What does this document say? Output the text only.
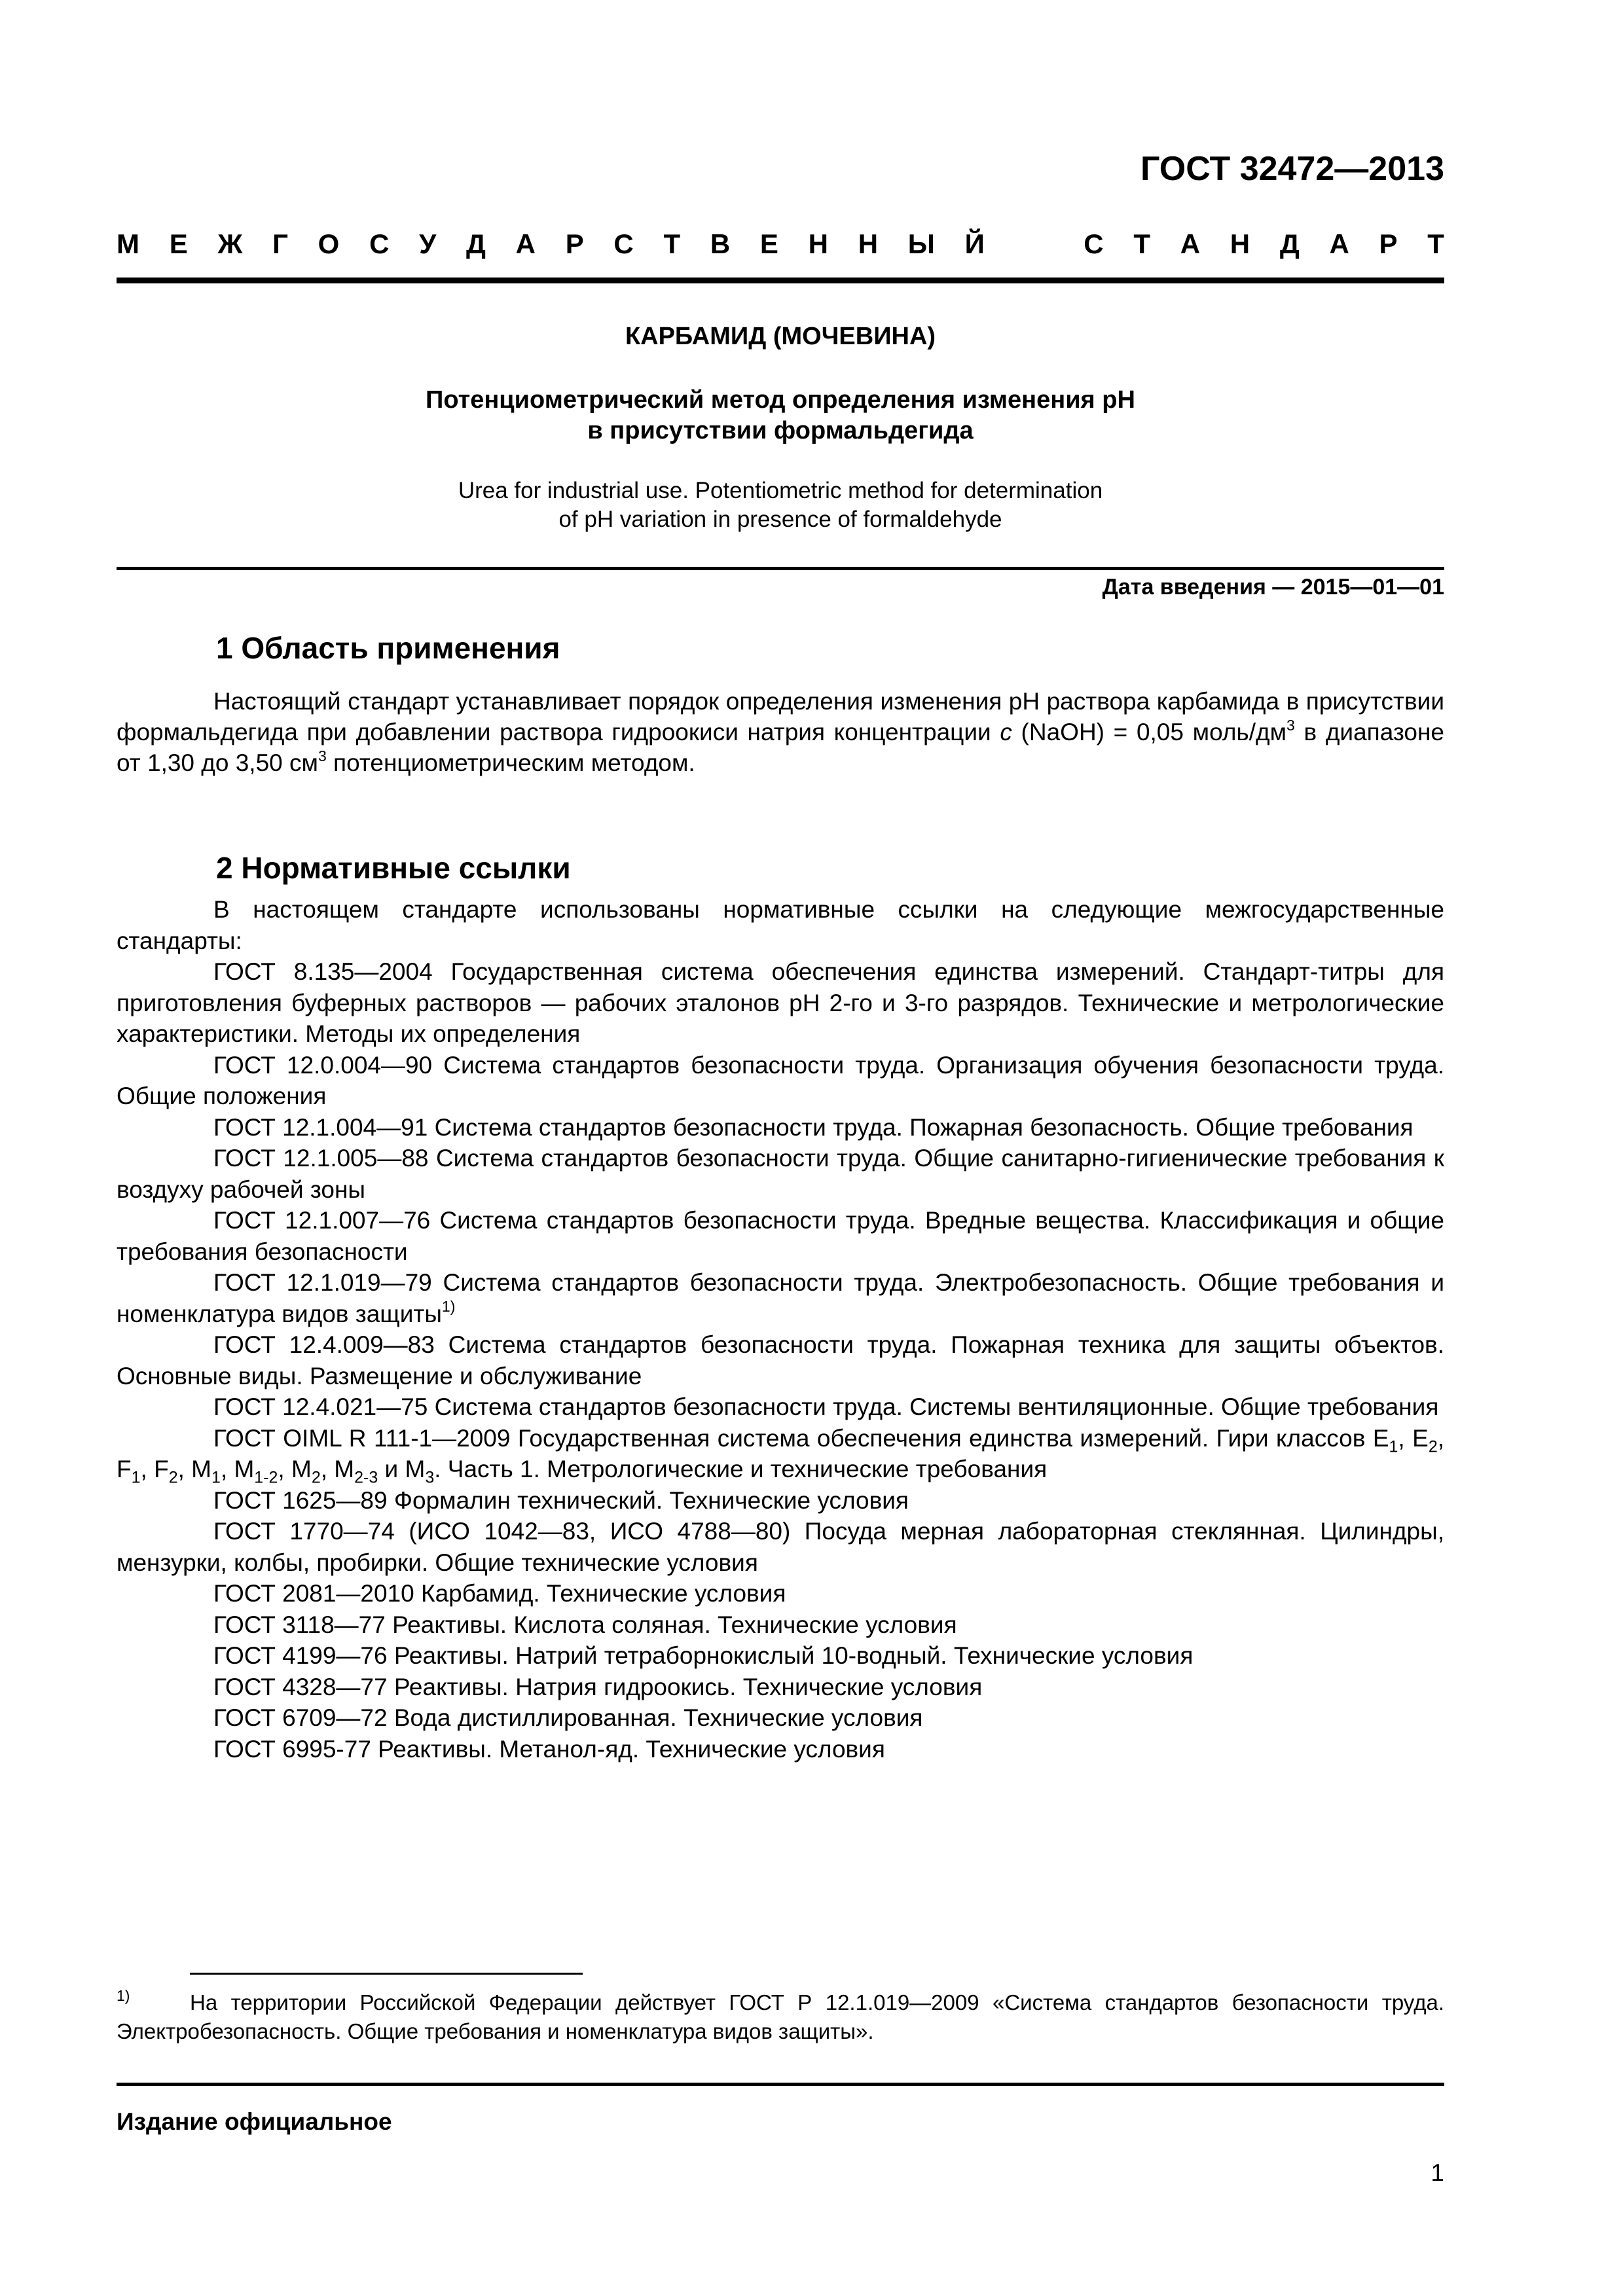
ГОСТ 32472—2013
М Е Ж Г О С У Д А Р С Т В Е Н Н Ы Й	С Т А Н Д А Р Т
КАРБАМИД (МОЧЕВИНА)
Потенциометрический метод определения изменения pH
в присутствии формальдегида
Urea for industrial use. Potentiometric method for determination
of pH variation in presence of formaldehyde
Дата введения — 2015—01—01
1 Область применения
Настоящий стандарт устанавливает порядок определения изменения pH раствора карбамида в присутствии формальдегида при добавлении раствора гидроокиси натрия концентрации c (NaOH) = 0,05 моль/$дм^3$ в диапазоне от 1,30 до 3,50 $см^3$ потенциометрическим методом.
2 Нормативные ссылки
В настоящем стандарте использованы нормативные ссылки на следующие межгосударственные стандарты:
ГОСТ 8.135—2004 Государственная система обеспечения единства измерений. Стандарт-титры для приготовления буферных растворов — рабочих эталонов pH 2-го и 3-го разрядов. Технические и метрологические характеристики. Методы их определения
ГОСТ 12.0.004—90 Система стандартов безопасности труда. Организация обучения безопасности труда. Общие положения
ГОСТ 12.1.004—91 Система стандартов безопасности труда. Пожарная безопасность. Общие требования
ГОСТ 12.1.005—88 Система стандартов безопасности труда. Общие санитарно-гигиенические требования к воздуху рабочей зоны
ГОСТ 12.1.007—76 Система стандартов безопасности труда. Вредные вещества. Классификация и общие требования безопасности
ГОСТ 12.1.019—79 Система стандартов безопасности труда. Электробезопасность. Общие требования и номенклатура видов защиты$^{1)}$
ГОСТ 12.4.009—83 Система стандартов безопасности труда. Пожарная техника для защиты объектов. Основные виды. Размещение и обслуживание
ГОСТ 12.4.021—75 Система стандартов безопасности труда. Системы вентиляционные. Общие требования
ГОСТ OIML R 111-1—2009 Государственная система обеспечения единства измерений. Гири классов $E_1$, $E_2$, $F_1$, $F_2$, $M_1$, $M_{1-2}$, $M_2$, $M_{2-3}$ и $M_3$. Часть 1. Метрологические и технические требования
ГОСТ 1625—89 Формалин технический. Технические условия
ГОСТ 1770—74 (ИСО 1042—83, ИСО 4788—80) Посуда мерная лабораторная стеклянная. Цилиндры, мензурки, колбы, пробирки. Общие технические условия
ГОСТ 2081—2010 Карбамид. Технические условия
ГОСТ 3118—77 Реактивы. Кислота соляная. Технические условия
ГОСТ 4199—76 Реактивы. Натрий тетраборнокислый 10-водный. Технические условия
ГОСТ 4328—77 Реактивы. Натрия гидроокись. Технические условия
ГОСТ 6709—72 Вода дистиллированная. Технические условия
ГОСТ 6995-77 Реактивы. Метанол-яд. Технические условия
$^{1)}$	На территории Российской Федерации действует ГОСТ Р 12.1.019—2009 «Система стандартов безопасности труда. Электробезопасность. Общие требования и номенклатура видов защиты».
Издание официальное
1
